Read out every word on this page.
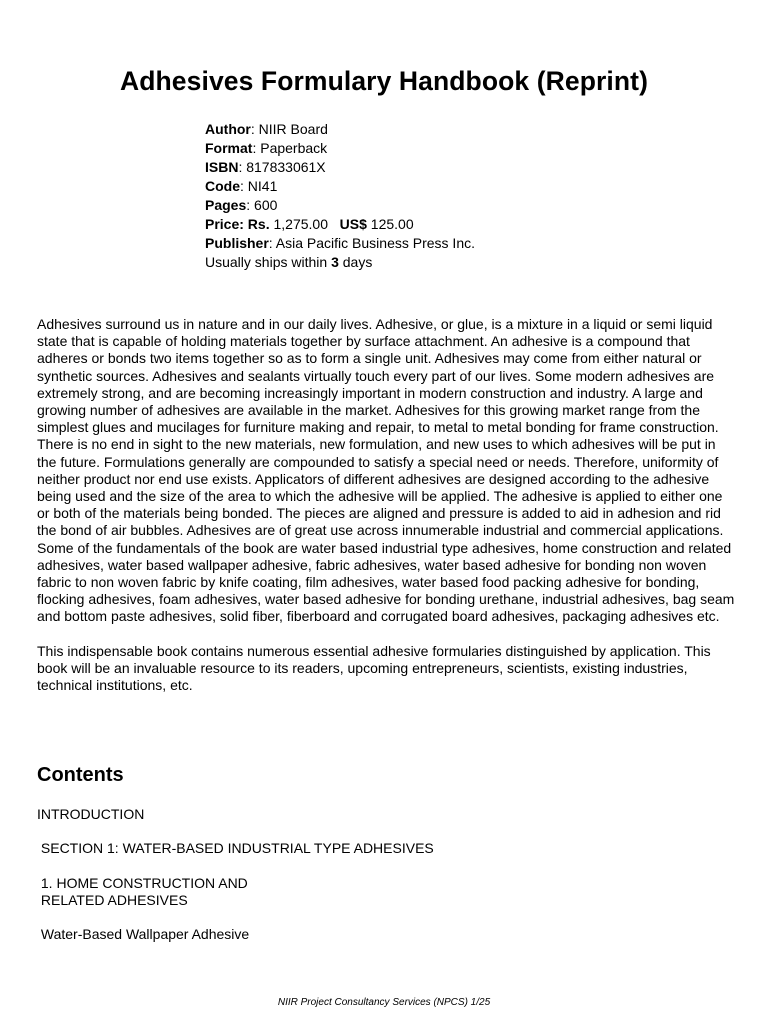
Adhesives Formulary Handbook (Reprint)
Author: NIIR Board
Format: Paperback
ISBN: 817833061X
Code: NI41
Pages: 600
Price: Rs. 1,275.00 US$ 125.00
Publisher: Asia Pacific Business Press Inc.
Usually ships within 3 days

Adhesives surround us in nature and in our daily lives. Adhesive, or glue, is a mixture in a liquid or semi liquid state that is capable of holding materials together by surface attachment. An adhesive is a compound that adheres or bonds two items together so as to form a single unit. Adhesives may come from either natural or synthetic sources. Adhesives and sealants virtually touch every part of our lives. Some modern adhesives are extremely strong, and are becoming increasingly important in modern construction and industry. A large and growing number of adhesives are available in the market. Adhesives for this growing market range from the simplest glues and mucilages for furniture making and repair, to metal to metal bonding for frame construction. There is no end in sight to the new materials, new formulation, and new uses to which adhesives will be put in the future. Formulations generally are compounded to satisfy a special need or needs. Therefore, uniformity of neither product nor end use exists. Applicators of different adhesives are designed according to the adhesive being used and the size of the area to which the adhesive will be applied. The adhesive is applied to either one or both of the materials being bonded. The pieces are aligned and pressure is added to aid in adhesion and rid the bond of air bubbles. Adhesives are of great use across innumerable industrial and commercial applications.

Some of the fundamentals of the book are water based industrial type adhesives, home construction and related adhesives, water based wallpaper adhesive, fabric adhesives, water based adhesive for bonding non woven fabric to non woven fabric by knife coating, film adhesives, water based food packing adhesive for bonding, flocking adhesives, foam adhesives, water based adhesive for bonding urethane, industrial adhesives, bag seam and bottom paste adhesives, solid fiber, fiberboard and corrugated board adhesives, packaging adhesives etc.

This indispensable book contains numerous essential adhesive formularies distinguished by application. This book will be an invaluable resource to its readers, upcoming entrepreneurs, scientists, existing industries, technical institutions, etc.

Contents
INTRODUCTION

SECTION 1: WATER-BASED INDUSTRIAL TYPE ADHESIVES

1. HOME CONSTRUCTION AND
RELATED ADHESIVES

Water-Based Wallpaper Adhesive
NIIR Project Consultancy Services (NPCS) 1/25
